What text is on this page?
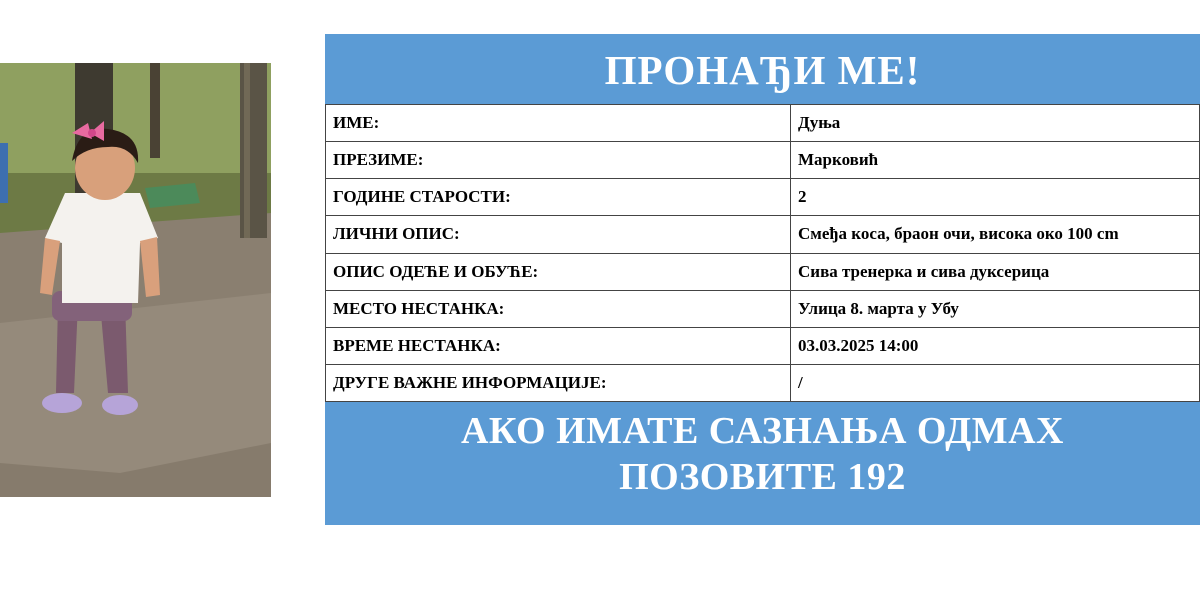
ПРОНАЂИ МЕ!
ИМЕ:	Дуња
ПРЕЗИМЕ:	Марковић
ГОДИНЕ СТАРОСТИ:	2
ЛИЧНИ ОПИС:	Смеђа коса, браон очи, висока око 100 cm
ОПИС ОДЕЋЕ И ОБУЋЕ:	Сива тренерка и сива дуксерица
МЕСТО НЕСТАНКА:	Улица 8. марта у Убу
ВРЕМЕ НЕСТАНКА:	03.03.2025 14:00
ДРУГЕ ВАЖНЕ ИНФОРМАЦИЈЕ:	/
АКО ИМАТЕ САЗНАЊА ОДМАХ
ПОЗОВИТЕ 192
